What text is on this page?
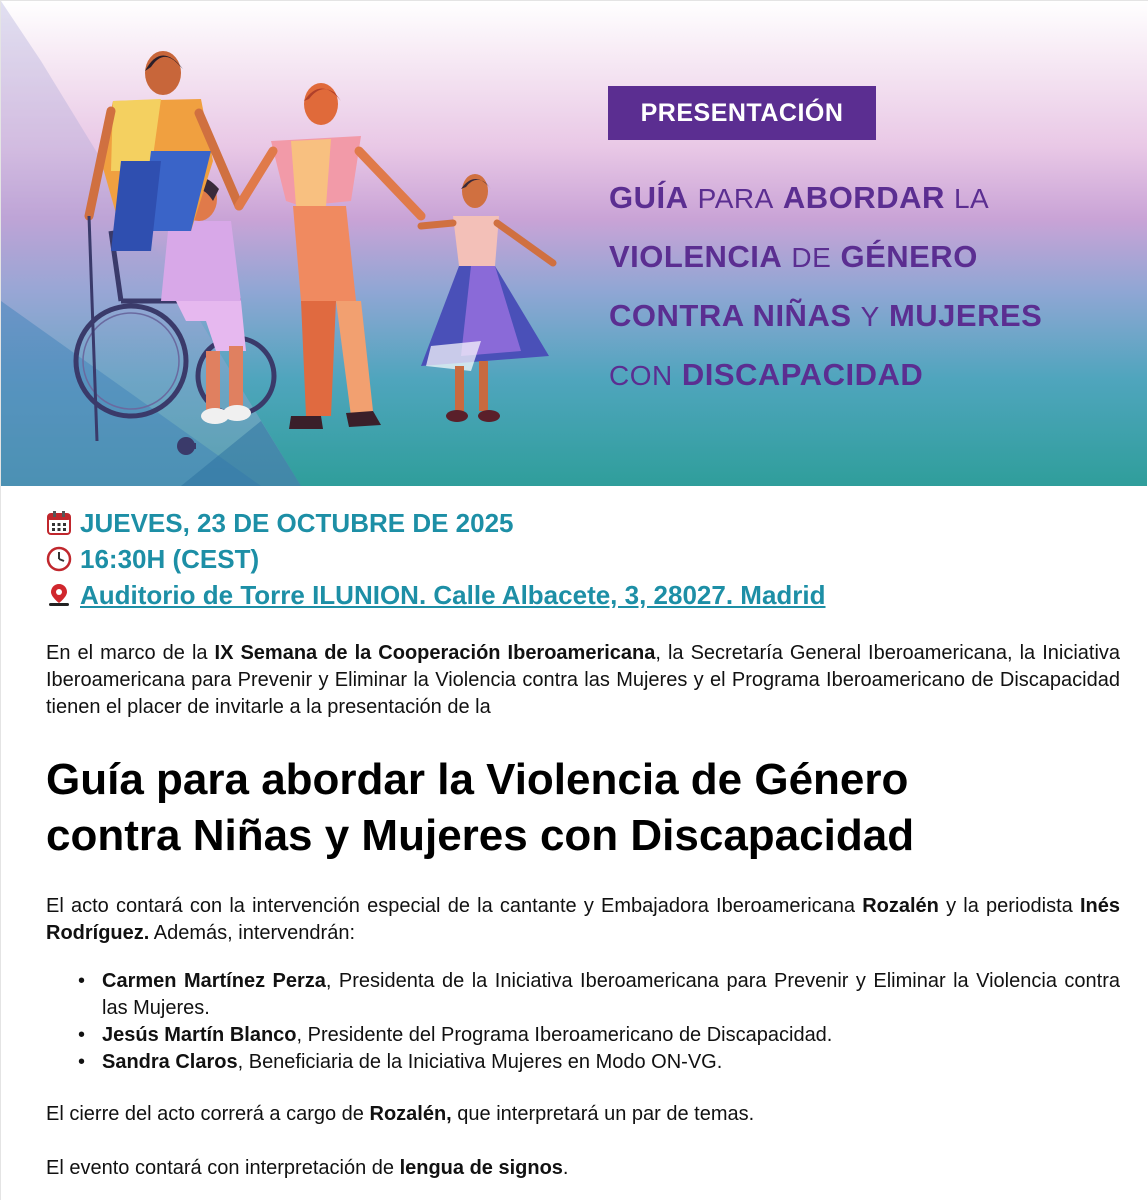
PRESENTACIÓN
GUÍA PARA ABORDAR LA
VIOLENCIA DE GÉNERO
CONTRA NIÑAS Y MUJERES
CON DISCAPACIDAD
JUEVES, 23 DE OCTUBRE DE 2025
16:30H (CEST)
Auditorio de Torre ILUNION. Calle Albacete, 3, 28027. Madrid

En el marco de la IX Semana de la Cooperación Iberoamericana, la Secretaría General Iberoamericana, la Iniciativa Iberoamericana para Prevenir y Eliminar la Violencia contra las Mujeres y el Programa Iberoamericano de Discapacidad tienen el placer de invitarle a la presentación de la

Guía para abordar la Violencia de Género
contra Niñas y Mujeres con Discapacidad

El acto contará con la intervención especial de la cantante y Embajadora Iberoamericana Rozalén y la periodista Inés Rodríguez. Además, intervendrán:

• Carmen Martínez Perza, Presidenta de la Iniciativa Iberoamericana para Prevenir y Eliminar la Violencia contra las Mujeres.
• Jesús Martín Blanco, Presidente del Programa Iberoamericano de Discapacidad.
• Sandra Claros, Beneficiaria de la Iniciativa Mujeres en Modo ON-VG.

El cierre del acto correrá a cargo de Rozalén, que interpretará un par de temas.

El evento contará con interpretación de lengua de signos.
